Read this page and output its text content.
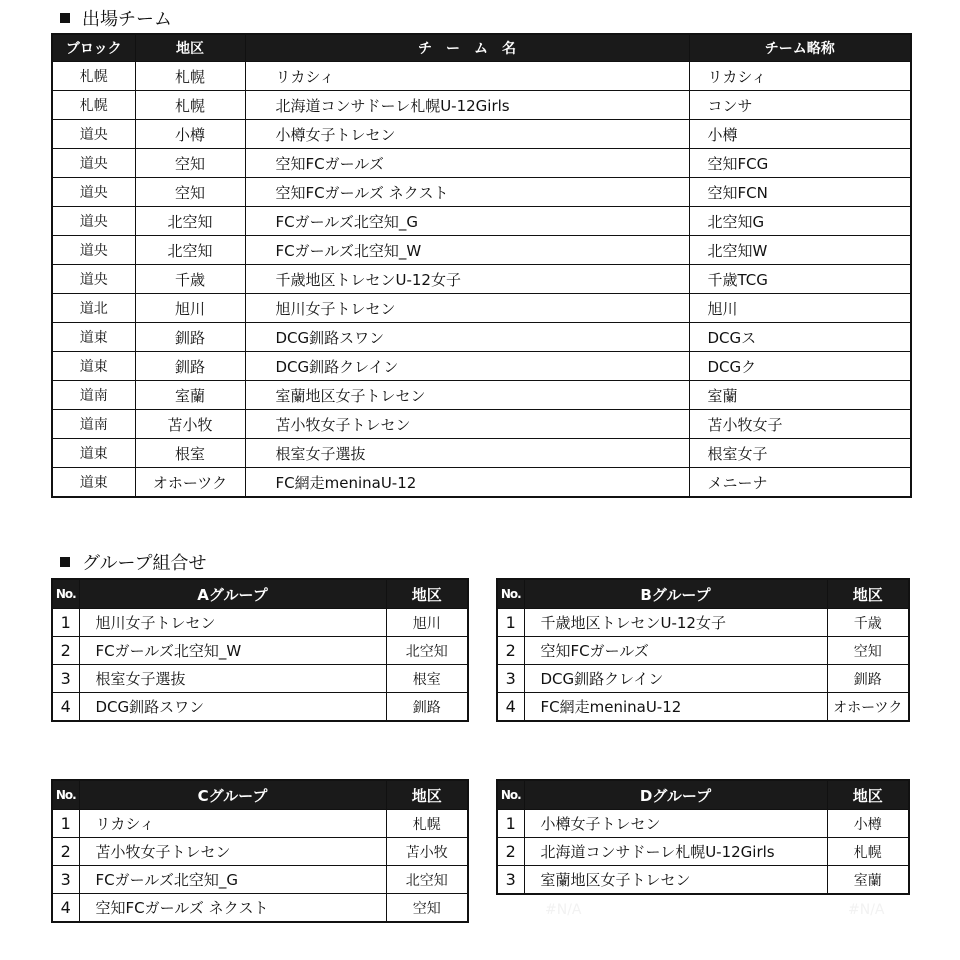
出場チーム
ブロック	地区	チ　ー　ム　名	チーム略称
札幌	札幌	リカシィ	リカシィ
札幌	札幌	北海道コンサドーレ札幌U-12Girls	コンサ
道央	小樽	小樽女子トレセン	小樽
道央	空知	空知FCガールズ	空知FCG
道央	空知	空知FCガールズ ネクスト	空知FCN
道央	北空知	FCガールズ北空知_G	北空知G
道央	北空知	FCガールズ北空知_W	北空知W
道央	千歳	千歳地区トレセンU-12女子	千歳TCG
道北	旭川	旭川女子トレセン	旭川
道東	釧路	DCG釧路スワン	DCGス
道東	釧路	DCG釧路クレイン	DCGク
道南	室蘭	室蘭地区女子トレセン	室蘭
道南	苫小牧	苫小牧女子トレセン	苫小牧女子
道東	根室	根室女子選抜	根室女子
道東	オホーツク	FC網走meninaU-12	メニーナ
グループ組合せ
No.	Aグループ	地区
1	旭川女子トレセン	旭川
2	FCガールズ北空知_W	北空知
3	根室女子選抜	根室
4	DCG釧路スワン	釧路
No.	Bグループ	地区
1	千歳地区トレセンU-12女子	千歳
2	空知FCガールズ	空知
3	DCG釧路クレイン	釧路
4	FC網走meninaU-12	オホーツク
No.	Cグループ	地区
1	リカシィ	札幌
2	苫小牧女子トレセン	苫小牧
3	FCガールズ北空知_G	北空知
4	空知FCガールズ ネクスト	空知
No.	Dグループ	地区
1	小樽女子トレセン	小樽
2	北海道コンサドーレ札幌U-12Girls	札幌
3	室蘭地区女子トレセン	室蘭
#N/A	#N/A
